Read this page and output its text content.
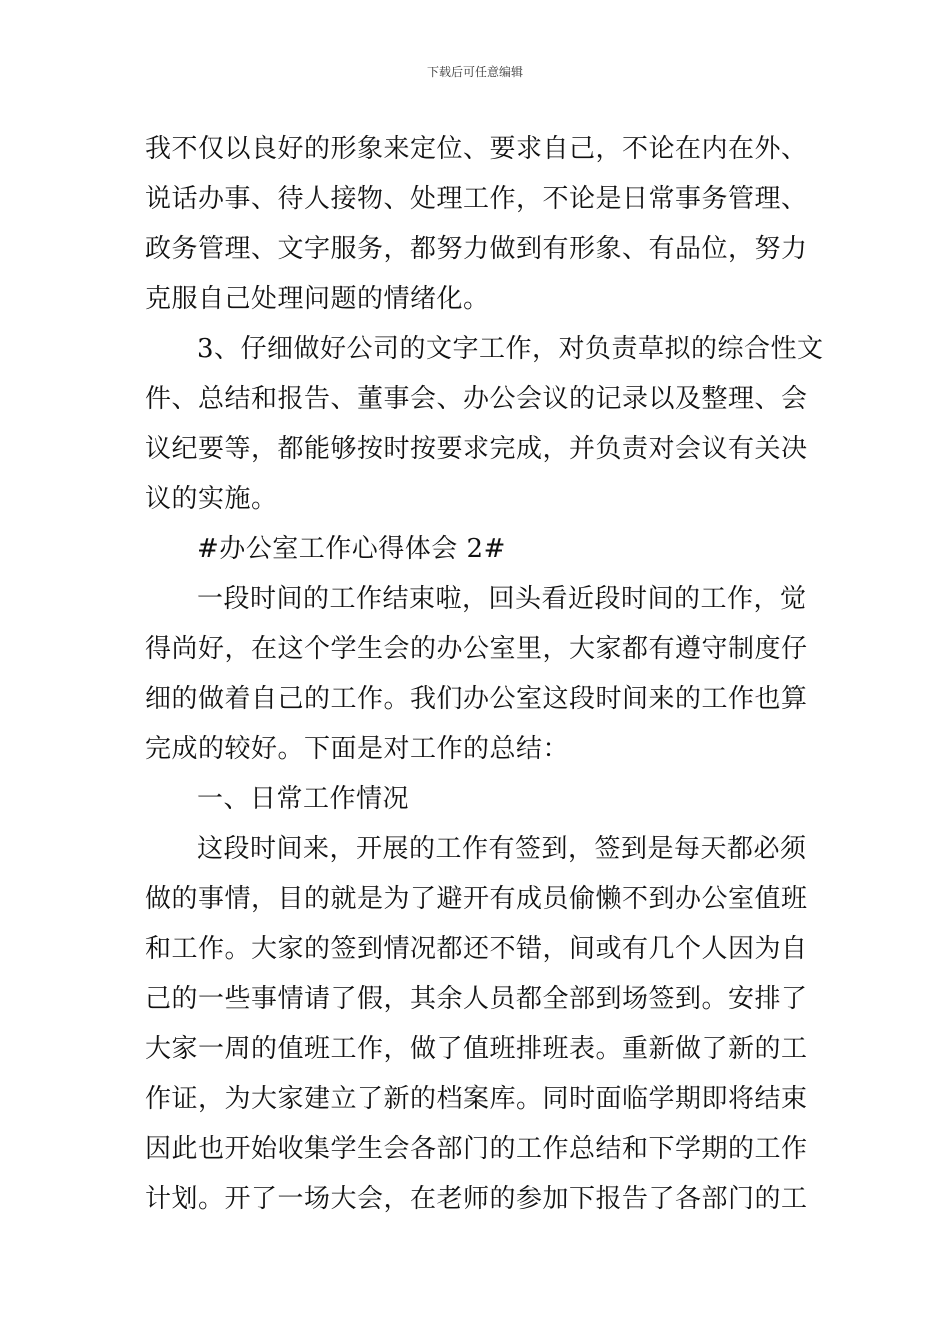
下载后可任意编辑
我不仅以良好的形象来定位、要求自己，不论在内在外、
说话办事、待人接物、处理工作，不论是日常事务管理、
政务管理、文字服务，都努力做到有形象、有品位，努力
克服自己处理问题的情绪化。
3、仔细做好公司的文字工作，对负责草拟的综合性文
件、总结和报告、董事会、办公会议的记录以及整理、会
议纪要等，都能够按时按要求完成，并负责对会议有关决
议的实施。
#办公室工作心得体会 2#
一段时间的工作结束啦，回头看近段时间的工作，觉
得尚好，在这个学生会的办公室里，大家都有遵守制度仔
细的做着自己的工作。我们办公室这段时间来的工作也算
完成的较好。下面是对工作的总结：
一、日常工作情况
这段时间来，开展的工作有签到，签到是每天都必须
做的事情，目的就是为了避开有成员偷懒不到办公室值班
和工作。大家的签到情况都还不错，间或有几个人因为自
己的一些事情请了假，其余人员都全部到场签到。安排了
大家一周的值班工作，做了值班排班表。重新做了新的工
作证，为大家建立了新的档案库。同时面临学期即将结束
因此也开始收集学生会各部门的工作总结和下学期的工作
计划。开了一场大会，在老师的参加下报告了各部门的工
